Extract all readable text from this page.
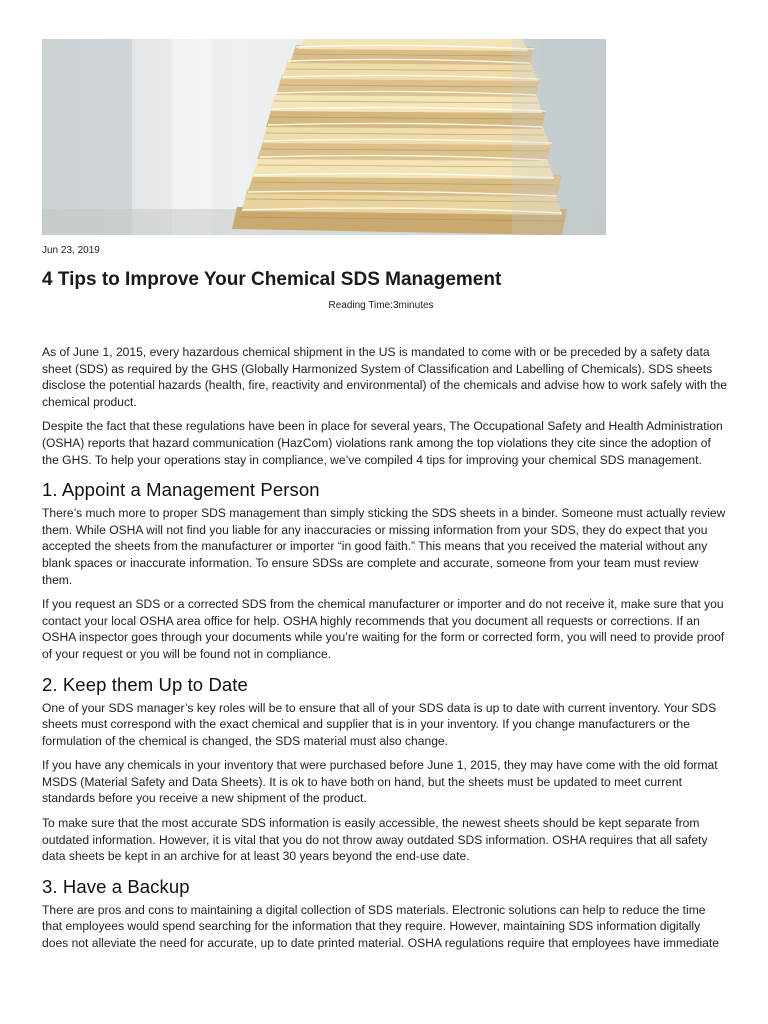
Jun 23, 2019
4 Tips to Improve Your Chemical SDS Management
Reading Time:3minutes

As of June 1, 2015, every hazardous chemical shipment in the US is mandated to come with or be preceded by a safety data sheet (SDS) as required by the GHS (Globally Harmonized System of Classification and Labelling of Chemicals). SDS sheets disclose the potential hazards (health, fire, reactivity and environmental) of the chemicals and advise how to work safely with the chemical product.

Despite the fact that these regulations have been in place for several years, The Occupational Safety and Health Administration (OSHA) reports that hazard communication (HazCom) violations rank among the top violations they cite since the adoption of the GHS. To help your operations stay in compliance, we’ve compiled 4 tips for improving your chemical SDS management.

1. Appoint a Management Person

There’s much more to proper SDS management than simply sticking the SDS sheets in a binder. Someone must actually review them. While OSHA will not find you liable for any inaccuracies or missing information from your SDS, they do expect that you accepted the sheets from the manufacturer or importer “in good faith.” This means that you received the material without any blank spaces or inaccurate information. To ensure SDSs are complete and accurate, someone from your team must review them.

If you request an SDS or a corrected SDS from the chemical manufacturer or importer and do not receive it, make sure that you contact your local OSHA area office for help. OSHA highly recommends that you document all requests or corrections. If an OSHA inspector goes through your documents while you’re waiting for the form or corrected form, you will need to provide proof of your request or you will be found not in compliance.

2. Keep them Up to Date

One of your SDS manager’s key roles will be to ensure that all of your SDS data is up to date with current inventory. Your SDS sheets must correspond with the exact chemical and supplier that is in your inventory. If you change manufacturers or the formulation of the chemical is changed, the SDS material must also change.

If you have any chemicals in your inventory that were purchased before June 1, 2015, they may have come with the old format MSDS (Material Safety and Data Sheets). It is ok to have both on hand, but the sheets must be updated to meet current standards before you receive a new shipment of the product.

To make sure that the most accurate SDS information is easily accessible, the newest sheets should be kept separate from outdated information. However, it is vital that you do not throw away outdated SDS information. OSHA requires that all safety data sheets be kept in an archive for at least 30 years beyond the end-use date.

3. Have a Backup

There are pros and cons to maintaining a digital collection of SDS materials. Electronic solutions can help to reduce the time that employees would spend searching for the information that they require. However, maintaining SDS information digitally does not alleviate the need for accurate, up to date printed material. OSHA regulations require that employees have immediate
